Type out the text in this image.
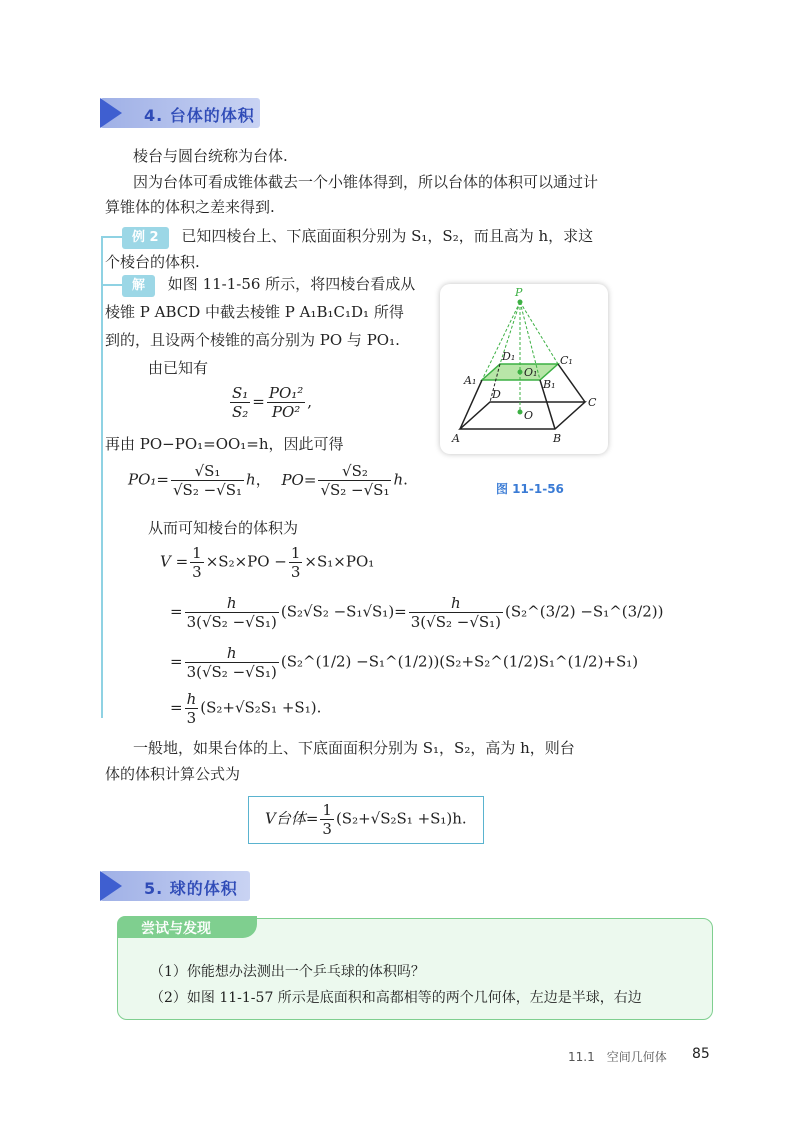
4. 台体的体积
棱台与圆台统称为台体.
因为台体可看成锥体截去一个小锥体得到，所以台体的体积可以通过计
算锥体的体积之差来得到.
例 2 已知四棱台上、下底面面积分别为 S₁，S₂，而且高为 h，求这
个棱台的体积.
解 如图 11-1-56 所示，将四棱台看成从
棱锥 P ABCD 中截去棱锥 P A₁B₁C₁D₁ 所得
到的，且设两个棱锥的高分别为 PO 与 PO₁.
由已知有
$\frac{\text{S₁}}{\text{S₂}} = \frac{\text{PO₁²}}{\text{PO²}}$ ,
再由 PO−PO₁=OO₁=h，因此可得
$PO_1= \frac{\text{√S₁}}{\text{√S₂ −√S₁}}$ h， $PO= \frac{\text{√S₂}}{\text{√S₂ −√S₁}} h$.
从而可知棱台的体积为
$V = \frac{1}{3} \times S_2\times PO - \frac{1}{3} \times S_1\times PO_1$
= $\frac{h}{\text{3(√S₂ −√S₁)}} (S_2√S_2 -S_1√S_1)= \frac{h}{\text{3(√S₂ −√S₁)}}$ (S₂^(3/2) −S₁^(3/2))
= $\frac{h}{\text{3(√S₂ −√S₁)}}$ (S₂^(1/2) −S₁^(1/2))(S₂+S₂^(1/2)S₁^(1/2)+S₁)
= $\frac{h}{3} (S_2+√S_2S_1 +S_1)$.
P
A	B
C
D
O
A₁	B₁
C₁
D₁
O₁
图 11-1-56
一般地，如果台体的上、下底面面积分别为 S₁，S₂，高为 h，则台
体的体积计算公式为
V台体= $\frac{1}{3} (S_2+√S_2S_1 +S_1)h$.
5. 球的体积
尝试与发现
（1）你能想办法测出一个乒乓球的体积吗？
（2）如图 11-1-57 所示是底面积和高都相等的两个几何体，左边是半球，右边
11.1　空间几何体 85
